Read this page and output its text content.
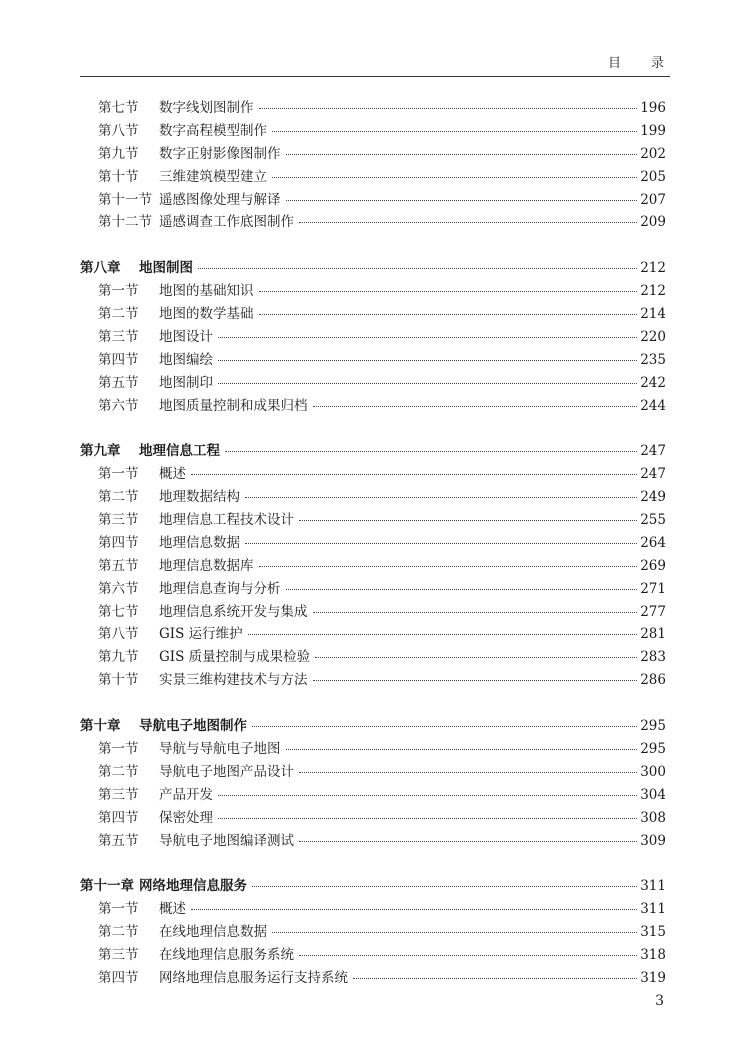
目 录
第七节	数字线划图制作	196
第八节	数字高程模型制作	199
第九节	数字正射影像图制作	202
第十节	三维建筑模型建立	205
第十一节 遥感图像处理与解译	207
第十二节 遥感调查工作底图制作	209
第八章	地图制图	212
第一节	地图的基础知识	212
第二节	地图的数学基础	214
第三节	地图设计	220
第四节	地图编绘	235
第五节	地图制印	242
第六节	地图质量控制和成果归档	244
第九章	地理信息工程	247
第一节	概述	247
第二节	地理数据结构	249
第三节	地理信息工程技术设计	255
第四节	地理信息数据	264
第五节	地理信息数据库	269
第六节	地理信息查询与分析	271
第七节	地理信息系统开发与集成	277
第八节	GIS 运行维护	281
第九节	GIS 质量控制与成果检验	283
第十节	实景三维构建技术与方法	286
第十章	导航电子地图制作	295
第一节	导航与导航电子地图	295
第二节	导航电子地图产品设计	300
第三节	产品开发	304
第四节	保密处理	308
第五节	导航电子地图编译测试	309
第十一章 网络地理信息服务	311
第一节	概述	311
第二节	在线地理信息数据	315
第三节	在线地理信息服务系统	318
第四节	网络地理信息服务运行支持系统	319
3
